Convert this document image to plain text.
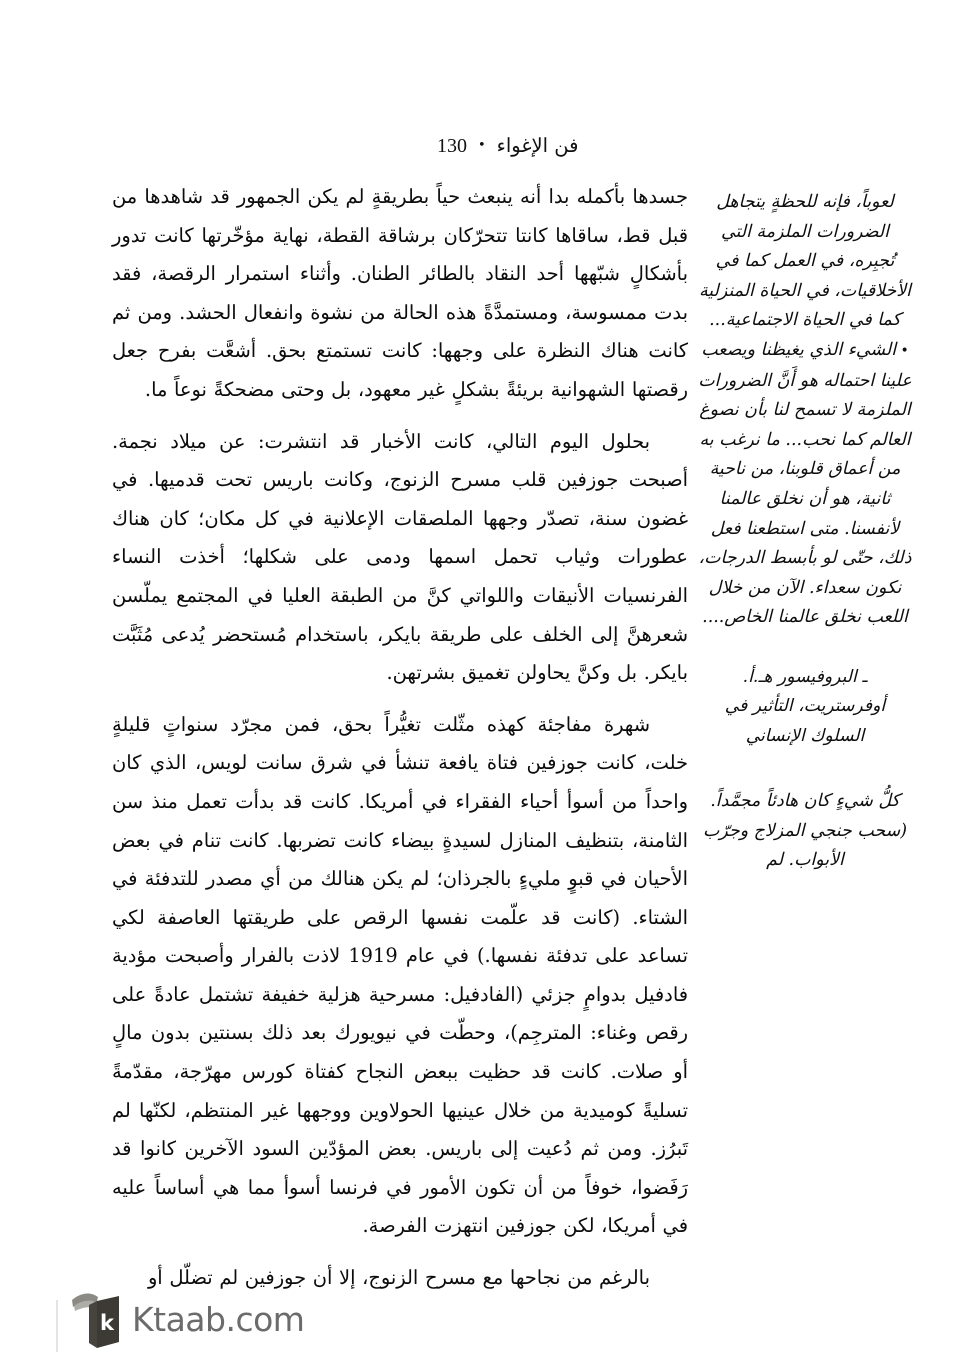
فن الإغواء
•
130

جسدها بأكمله بدا أنه ينبعث حياً بطريقةٍ لم يكن الجمهور قد شاهدها من قبل قط، ساقاها كانتا تتحرّكان برشاقة القطة، نهاية مؤخّرتها كانت تدور بأشكالٍ شبّهها أحد النقاد بالطائر الطنان. وأثناء استمرار الرقصة، فقد بدت ممسوسة، ومستمدَّةً هذه الحالة من نشوة وانفعال الحشد. ومن ثم كانت هناك النظرة على وجهها: كانت تستمتع بحق. أشعَّت بفرح جعل رقصتها الشهوانية بريئةً بشكلٍ غير معهود، بل وحتى مضحكةً نوعاً ما.

بحلول اليوم التالي، كانت الأخبار قد انتشرت: عن ميلاد نجمة. أصبحت جوزفين قلب مسرح الزنوج، وكانت باريس تحت قدميها. في غضون سنة، تصدّر وجهها الملصقات الإعلانية في كل مكان؛ كان هناك عطورات وثياب تحمل اسمها ودمى على شكلها؛ أخذت النساء الفرنسيات الأنيقات واللواتي كنَّ من الطبقة العليا في المجتمع يملّسن شعرهنَّ إلى الخلف على طريقة بايكر، باستخدام مُستحضر يُدعى مُثَبَّت بايكر. بل وكنَّ يحاولن تغميق بشرتهن.

شهرة مفاجئة كهذه مثّلت تغيُّراً بحق، فمن مجرّد سنواتٍ قليلةٍ خلت، كانت جوزفين فتاة يافعة تنشأ في شرق سانت لويس، الذي كان واحداً من أسوأ أحياء الفقراء في أمريكا. كانت قد بدأت تعمل منذ سن الثامنة، بتنظيف المنازل لسيدةٍ بيضاء كانت تضربها. كانت تنام في بعض الأحيان في قبوٍ مليءٍ بالجرذان؛ لم يكن هنالك من أي مصدر للتدفئة في الشتاء. (كانت قد علّمت نفسها الرقص على طريقتها العاصفة لكي تساعد على تدفئة نفسها.) في عام 1919 لاذت بالفرار وأصبحت مؤدية فادفيل بدوامٍ جزئي (الفادفيل: مسرحية هزلية خفيفة تشتمل عادةً على رقص وغناء: المترجِم)، وحطّت في نيويورك بعد ذلك بسنتين بدون مالٍ أو صلات. كانت قد حظيت ببعض النجاح كفتاة كورس مهرّجة، مقدّمةً تسليةً كوميدية من خلال عينيها الحولاوين ووجهها غير المنتظم، لكنّها لم تَبرُز. ومن ثم دُعيت إلى باريس. بعض المؤدّين السود الآخرين كانوا قد رَفَضوا، خوفاً من أن تكون الأمور في فرنسا أسوأ مما هي أساساً عليه في أمريكا، لكن جوزفين انتهزت الفرصة.

بالرغم من نجاحها مع مسرح الزنوج، إلا أن جوزفين لم تضلّل أو

لعوباً، فإنه للحظةٍ يتجاهل الضرورات الملزمة التي تُجبِره، في العمل كما في الأخلاقيات، في الحياة المنزلية كما في الحياة الاجتماعية...

• الشيء الذي يغيظنا ويصعب علينا احتماله هو أَنَّ الضرورات الملزمة لا تسمح لنا بأن نصوغ العالم كما نحب... ما نرغب به من أعماق قلوبنا، من ناحية ثانية، هو أن نخلق عالمنا لأنفسنا. متى استطعنا فعل ذلك، حتّى لو بأبسط الدرجات، نكون سعداء. الآن من خلال اللعب نخلق عالمنا الخاص....

ـ البروفيسور هـ.أ. أوفرستريت، التأثير في السلوك الإنساني

كلُّ شيءٍ كان هادئاً مجمَّداً. (سحب جنجي المزلاج وجرّب الأبواب. لم

k Ktaab.com
